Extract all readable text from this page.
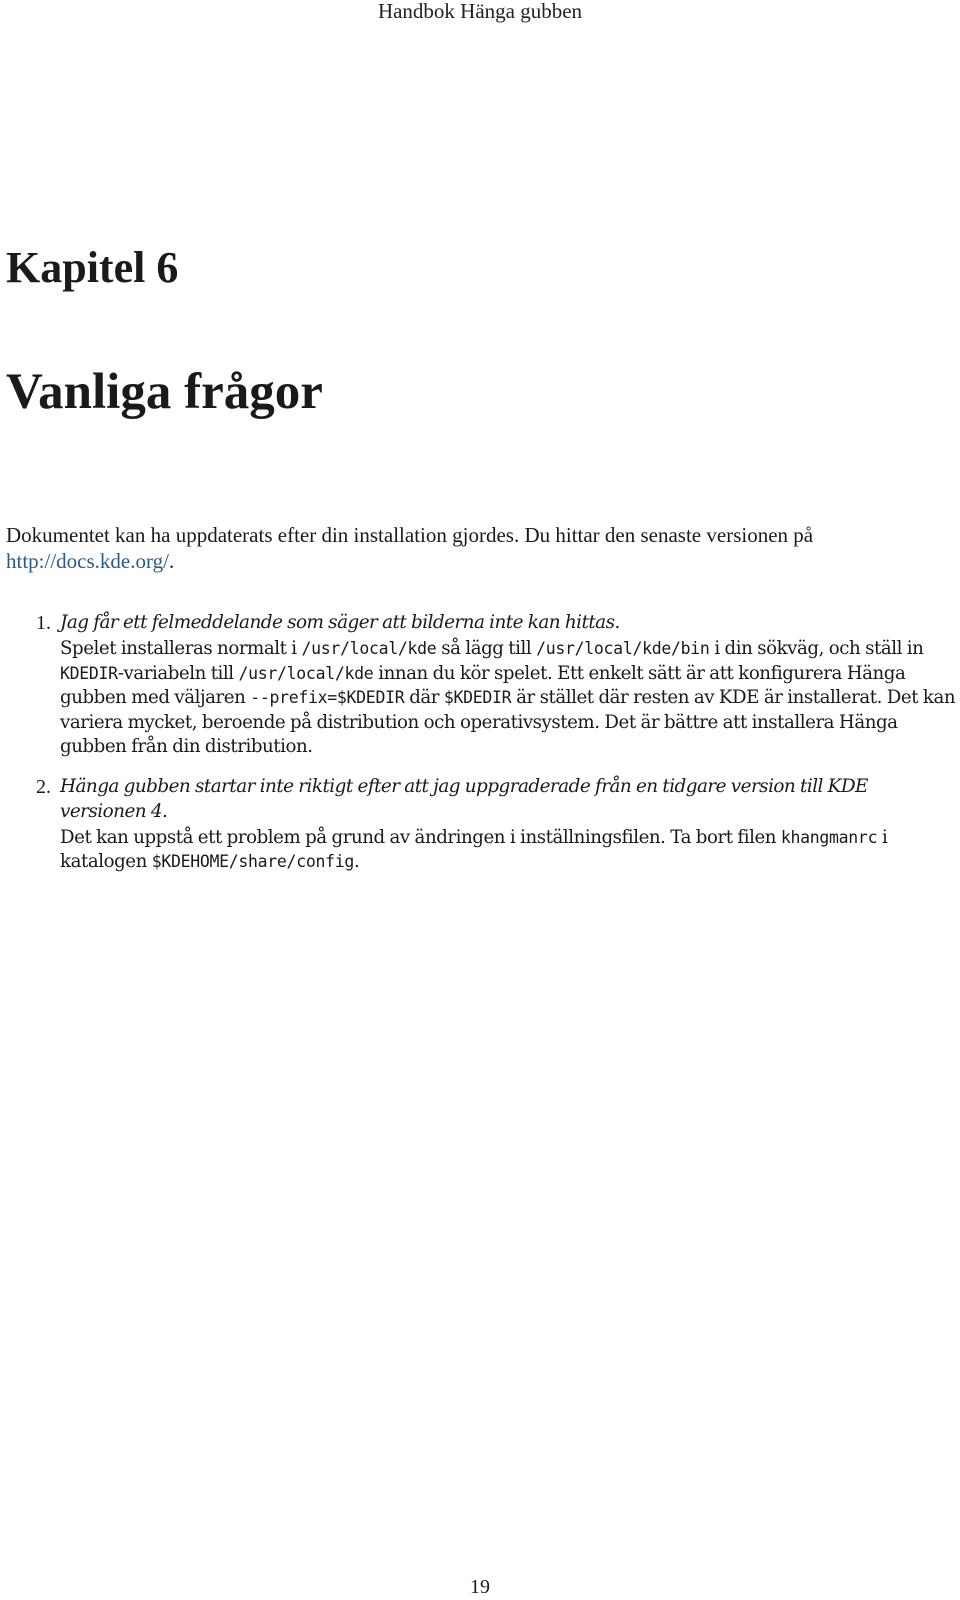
Handbok Hänga gubben
Kapitel 6
Vanliga frågor

Dokumentet kan ha uppdaterats efter din installation gjordes. Du hittar den senaste versionen på http://docs.kde.org/.

1. Jag får ett felmeddelande som säger att bilderna inte kan hittas.

Spelet installeras normalt i /usr/local/kde så lägg till /usr/local/kde/bin i din sökväg, och ställ in KDEDIR-variabeln till /usr/local/kde innan du kör spelet. Ett enkelt sätt är att konfigurera Hänga gubben med väljaren --prefix=$KDEDIR där $KDEDIR är stället där resten av KDE är installerat. Det kan variera mycket, beroende på distribution och operativsystem. Det är bättre att installera Hänga gubben från din distribution.

2. Hänga gubben startar inte riktigt efter att jag uppgraderade från en tidgare version till KDE versionen 4.

Det kan uppstå ett problem på grund av ändringen i inställningsfilen. Ta bort filen khangmanrc i katalogen $KDEHOME/share/config.

19
